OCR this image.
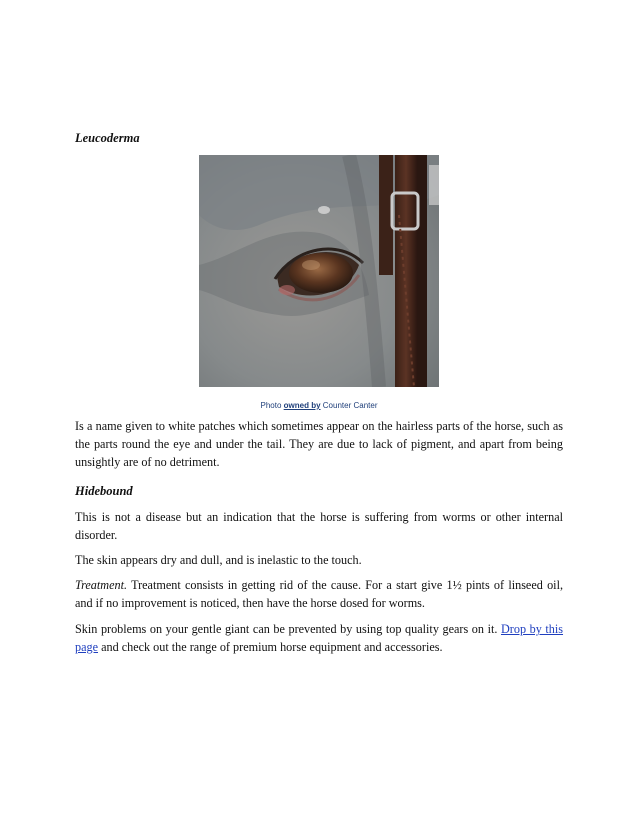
Leucoderma
Photo owned by Counter Canter

Is a name given to white patches which sometimes appear on the hairless parts of the horse, such as the parts round the eye and under the tail. They are due to lack of pigment, and apart from being unsightly are of no detriment.

Hidebound

This is not a disease but an indication that the horse is suffering from worms or other internal disorder.

The skin appears dry and dull, and is inelastic to the touch.

Treatment. Treatment consists in getting rid of the cause. For a start give 1½ pints of linseed oil, and if no improvement is noticed, then have the horse dosed for worms.

Skin problems on your gentle giant can be prevented by using top quality gears on it. Drop by this page and check out the range of premium horse equipment and accessories.
